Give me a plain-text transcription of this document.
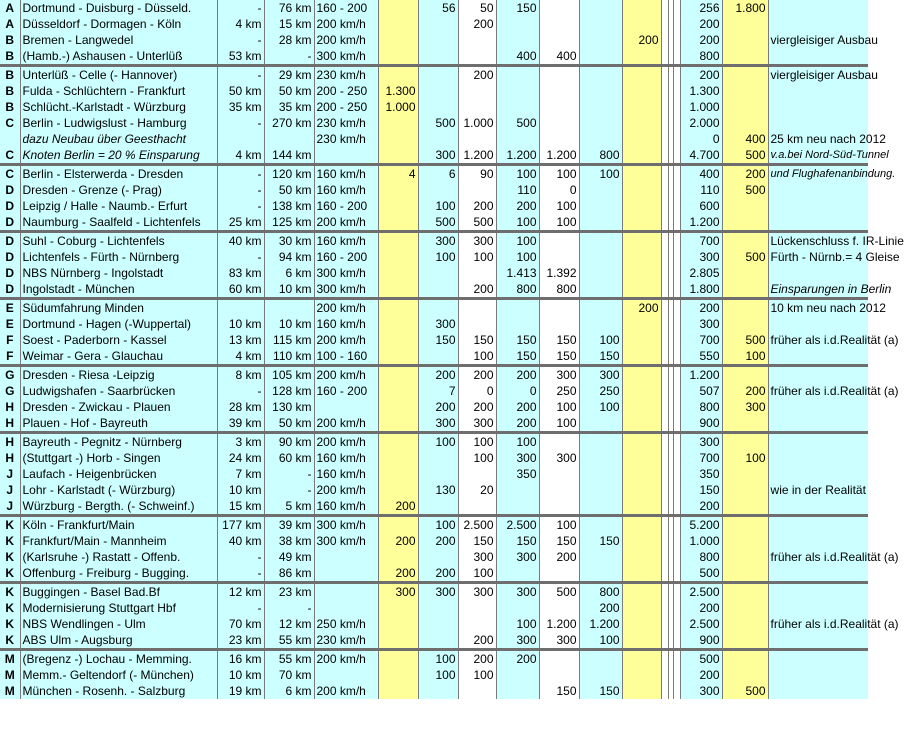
A	Dortmund - Duisburg - Düsseld.	-	76 km	160 - 200		56	50	150							256	1.800	
A	Düsseldorf - Dormagen - Köln	4 km	15 km	200 km/h			200								200		
B	Bremen - Langwedel	-	28 km	200 km/h							200				200		viergleisiger Ausbau
B	(Hamb.-) Ashausen - Unterlüß	53 km	-	300 km/h				400	400						800		
B	Unterlüß - Celle (- Hannover)	-	29 km	230 km/h			200								200		viergleisiger Ausbau
B	Fulda - Schlüchtern - Frankfurt	50 km	50 km	200 - 250	1.300										1.300		
B	Schlücht.-Karlstadt - Würzburg	35 km	35 km	200 - 250	1.000										1.000		
C	Berlin - Ludwigslust - Hamburg	-	270 km	230 km/h		500	1.000	500							2.000		
	dazu Neubau über Geesthacht			230 km/h											0	400	25 km neu nach 2012
C	Knoten Berlin = 20 % Einsparung	4 km	144 km			300	1.200	1.200	1.200	800					4.700	500	v.a.bei Nord-Süd-Tunnel
C	Berlin - Elsterwerda - Dresden	-	120 km	160 km/h	4	6	90	100	100	100					400	200	und Flughafenanbindung.
D	Dresden - Grenze (- Prag)	-	50 km	160 km/h				110	0						110	500	
D	Leipzig / Halle - Naumb.- Erfurt	-	138 km	160 - 200		100	200	200	100						600		
D	Naumburg - Saalfeld - Lichtenfels	25 km	125 km	200 km/h		500	500	100	100						1.200		
D	Suhl - Coburg - Lichtenfels	40 km	30 km	160 km/h		300	300	100							700		Lückenschluss f. IR-Linie
D	Lichtenfels - Fürth - Nürnberg	-	94 km	160 - 200		100	100	100							300	500	Fürth - Nürnb.= 4 Gleise
D	NBS Nürnberg - Ingolstadt	83 km	6 km	300 km/h				1.413	1.392						2.805		
D	Ingolstadt - München	60 km	10 km	300 km/h			200	800	800						1.800		Einsparungen in Berlin
E	Südumfahrung Minden			200 km/h							200				200		10 km neu nach 2012
E	Dortmund - Hagen (-Wuppertal)	10 km	10 km	160 km/h		300									300		
F	Soest - Paderborn - Kassel	13 km	115 km	200 km/h		150	150	150	150	100					700	500	früher als i.d.Realität (a)
F	Weimar - Gera - Glauchau	4 km	110 km	100 - 160			100	150	150	150					550	100	
G	Dresden - Riesa -Leipzig	8 km	105 km	200 km/h		200	200	200	300	300					1.200		
G	Ludwigshafen - Saarbrücken	-	128 km	160 - 200		7	0	0	250	250					507	200	früher als i.d.Realität (a)
H	Dresden - Zwickau - Plauen	28 km	130 km			200	200	200	100	100					800	300	
H	Plauen - Hof - Bayreuth	39 km	50 km	200 km/h		300	300	200	100						900		
H	Bayreuth - Pegnitz - Nürnberg	3 km	90 km	200 km/h		100	100	100							300		
H	(Stuttgart -) Horb - Singen	24 km	60 km	160 km/h			100	300	300						700	100	
J	Laufach - Heigenbrücken	7 km	-	160 km/h				350							350		
J	Lohr - Karlstadt (- Würzburg)	10 km	-	200 km/h		130	20								150		wie in der Realität
J	Würzburg - Bergth. (- Schweinf.)	15 km	5 km	160 km/h	200										200		
K	Köln - Frankfurt/Main	177 km	39 km	300 km/h		100	2.500	2.500	100						5.200		
K	Frankfurt/Main - Mannheim	40 km	38 km	300 km/h	200	200	150	150	150	150					1.000		
K	(Karlsruhe -) Rastatt - Offenb.	-	49 km				300	300	200						800		früher als i.d.Realität (a)
K	Offenburg - Freiburg - Bugging.	-	86 km		200	200	100								500		
K	Buggingen - Basel Bad.Bf	12 km	23 km		300	300	300	300	500	800					2.500		
K	Modernisierung Stuttgart Hbf	-	-							200					200		
K	NBS Wendlingen - Ulm	70 km	12 km	250 km/h				100	1.200	1.200					2.500		früher als i.d.Realität (a)
K	ABS Ulm - Augsburg	23 km	55 km	230 km/h			200	300	300	100					900		
M	(Bregenz -) Lochau - Memming.	16 km	55 km	200 km/h		100	200	200							500		
M	Memm.- Geltendorf (- München)	10 km	70 km			100	100								200		
M	München - Rosenh. - Salzburg	19 km	6 km	200 km/h					150	150					300	500	
